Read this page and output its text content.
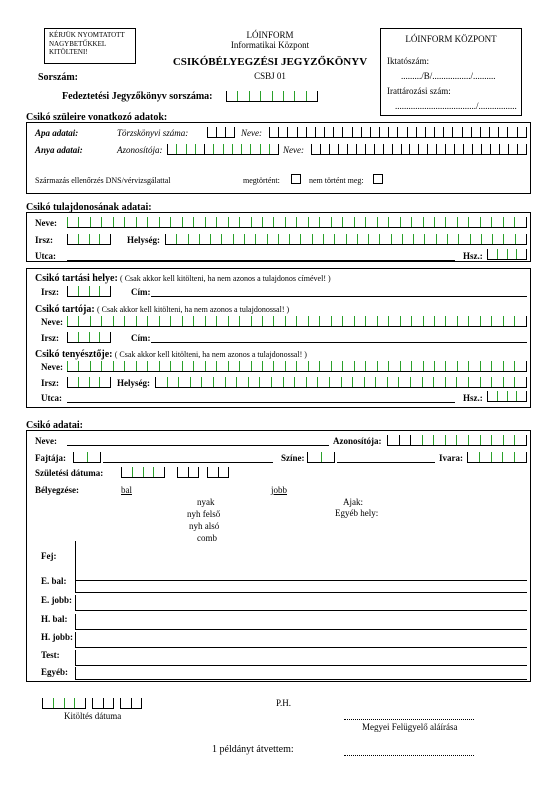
KÉRJÜK NYOMTATOTT
NAGYBETŰKKEL
KITÖLTENI!
LÓINFORM
Informatikai Központ
CSIKÓBÉLYEGZÉSI JEGYZŐKÖNYV
CSBJ 01
LÓINFORM KÖZPONT
Iktatószám:
........./B/................./..........
Irattározási szám:
..................................../.................
Sorszám:
Fedeztetési Jegyzőkönyv sorszáma:
Csikó szüleire vonatkozó adatok:
Apa adatai:	Törzskönyvi száma:	Neve:
Anya adatai:	Azonosítója:	Neve:
Származás ellenőrzés DNS/vérvizsgálattal	megtörtént:	nem történt meg:
Csikó tulajdonosának adatai:
Neve:
Irsz:	Helység:
Utca:	Hsz.:
Csikó tartási helye: ( Csak akkor kell kitölteni, ha nem azonos a tulajdonos címével! )
Irsz:	Cím:
Csikó tartója: ( Csak akkor kell kitölteni, ha nem azonos a tulajdonossal! )
Neve:
Irsz:	Cím:
Csikó tenyésztője: ( Csak akkor kell kitölteni, ha nem azonos a tulajdonossal! )
Neve:
Irsz:	Helység:
Utca:	Hsz.:
Csikó adatai:
Neve:	Azonosítója:
Fajtája:	Színe:	Ivara:
Születési dátuma:
Bélyegzése:	bal	jobb
nyak
nyh felső
nyh alsó
comb
Ajak:
Egyéb hely:
Fej:
E. bal:
E. jobb:
H. bal:
H. jobb:
Test:
Egyéb:
Kitöltés dátuma
P.H.
Megyei Felügyelő aláírása
1 példányt átvettem:
